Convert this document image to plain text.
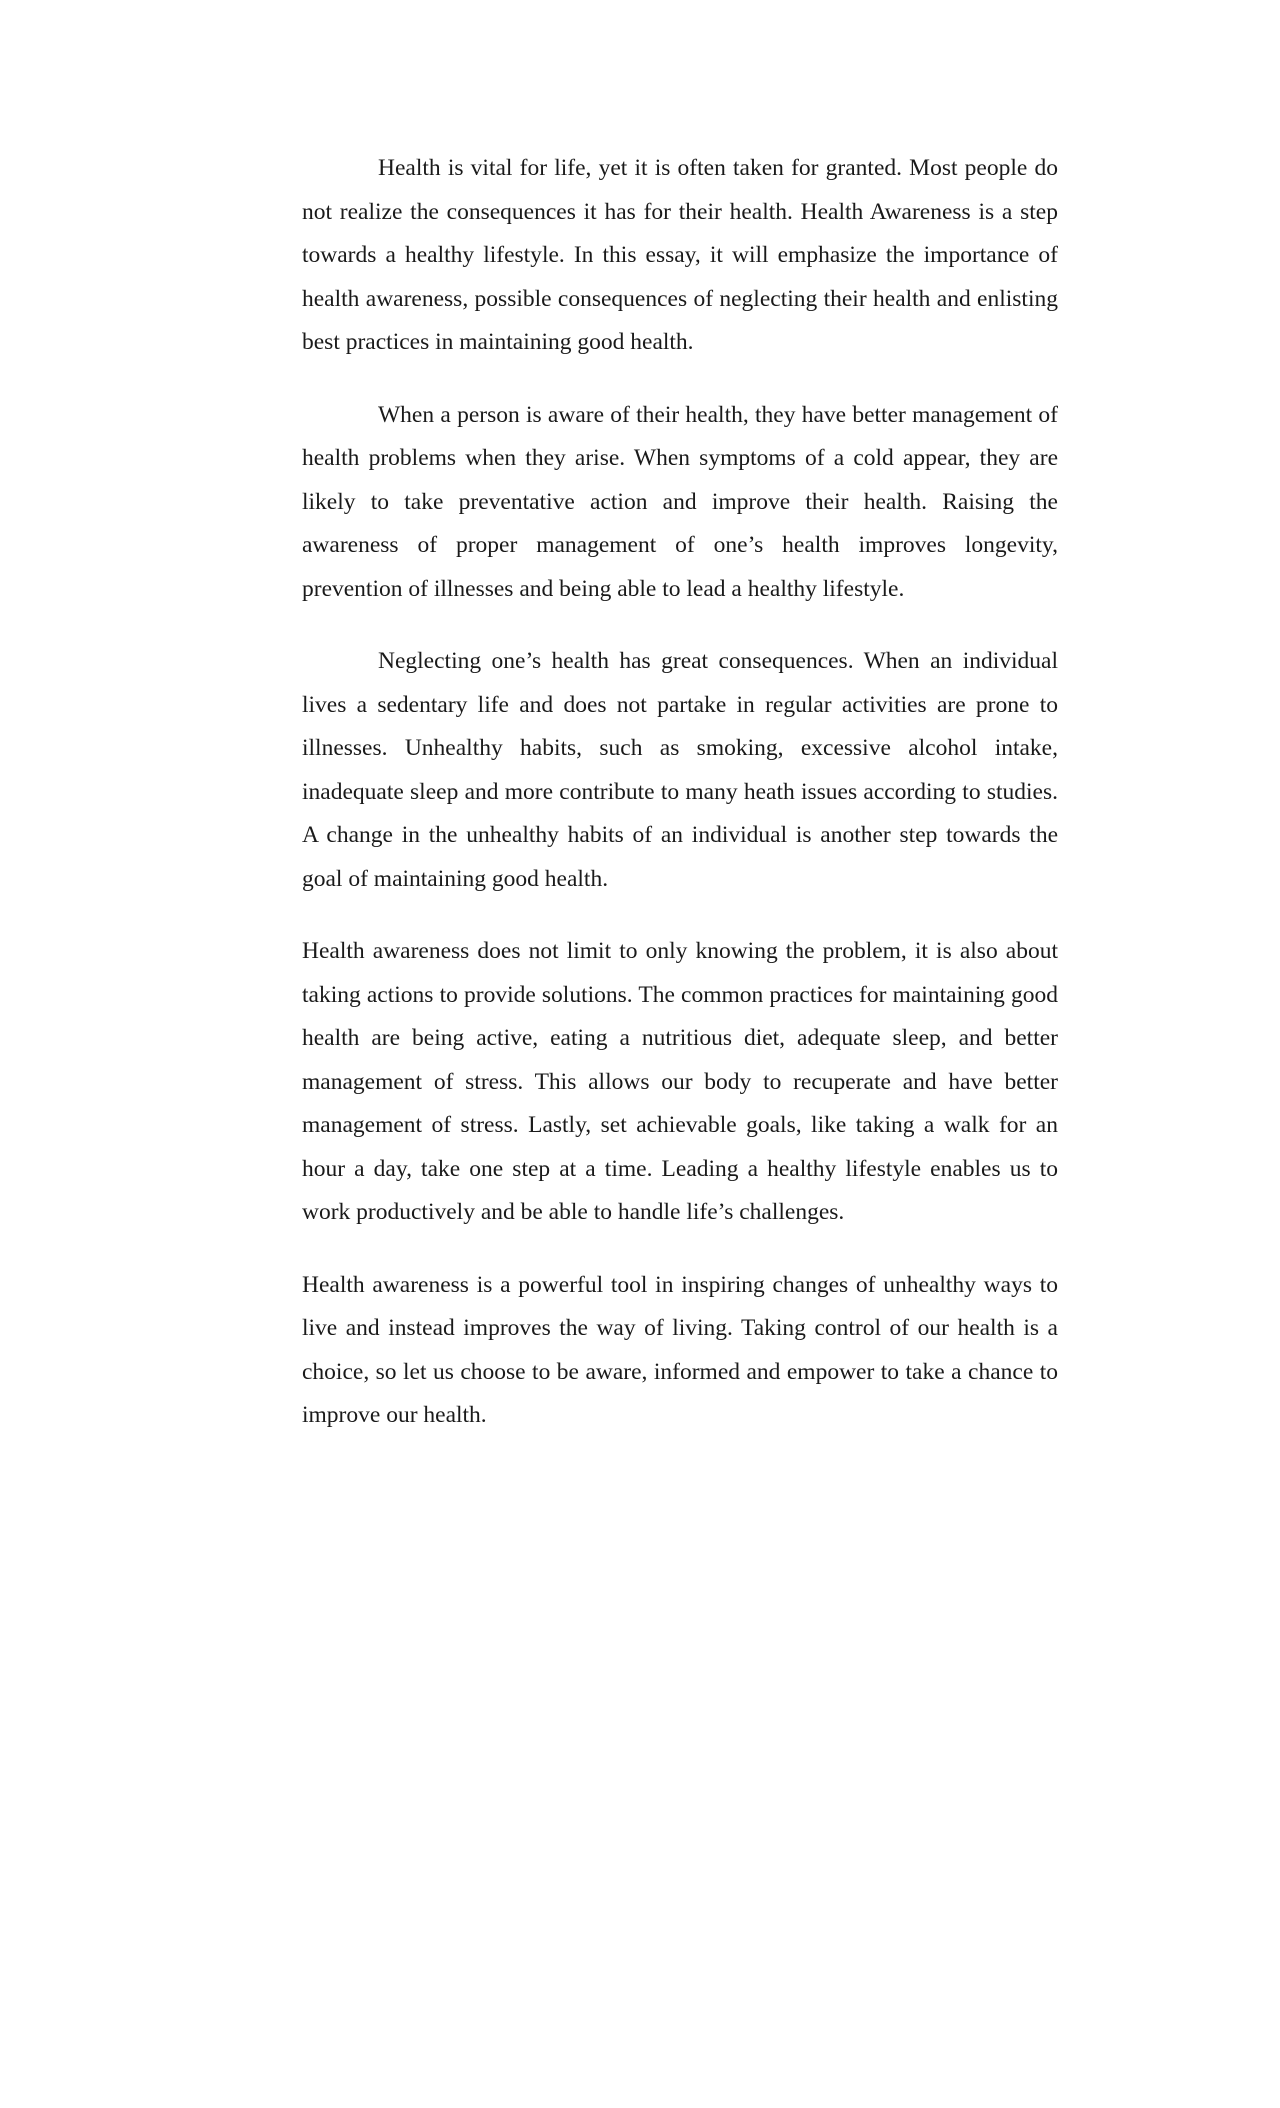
Health is vital for life, yet it is often taken for granted. Most people do not realize the consequences it has for their health. Health Awareness is a step towards a healthy lifestyle. In this essay, it will emphasize the importance of health awareness, possible consequences of neglecting their health and enlisting best practices in maintaining good health.

When a person is aware of their health, they have better management of health problems when they arise. When symptoms of a cold appear, they are likely to take preventative action and improve their health. Raising the awareness of proper management of one’s health improves longevity, prevention of illnesses and being able to lead a healthy lifestyle.

Neglecting one’s health has great consequences. When an individual lives a sedentary life and does not partake in regular activities are prone to illnesses. Unhealthy habits, such as smoking, excessive alcohol intake, inadequate sleep and more contribute to many heath issues according to studies. A change in the unhealthy habits of an individual is another step towards the goal of maintaining good health.

Health awareness does not limit to only knowing the problem, it is also about taking actions to provide solutions. The common practices for maintaining good health are being active, eating a nutritious diet, adequate sleep, and better management of stress. This allows our body to recuperate and have better management of stress. Lastly, set achievable goals, like taking a walk for an hour a day, take one step at a time. Leading a healthy lifestyle enables us to work productively and be able to handle life’s challenges.

Health awareness is a powerful tool in inspiring changes of unhealthy ways to live and instead improves the way of living. Taking control of our health is a choice, so let us choose to be aware, informed and empower to take a chance to improve our health.
